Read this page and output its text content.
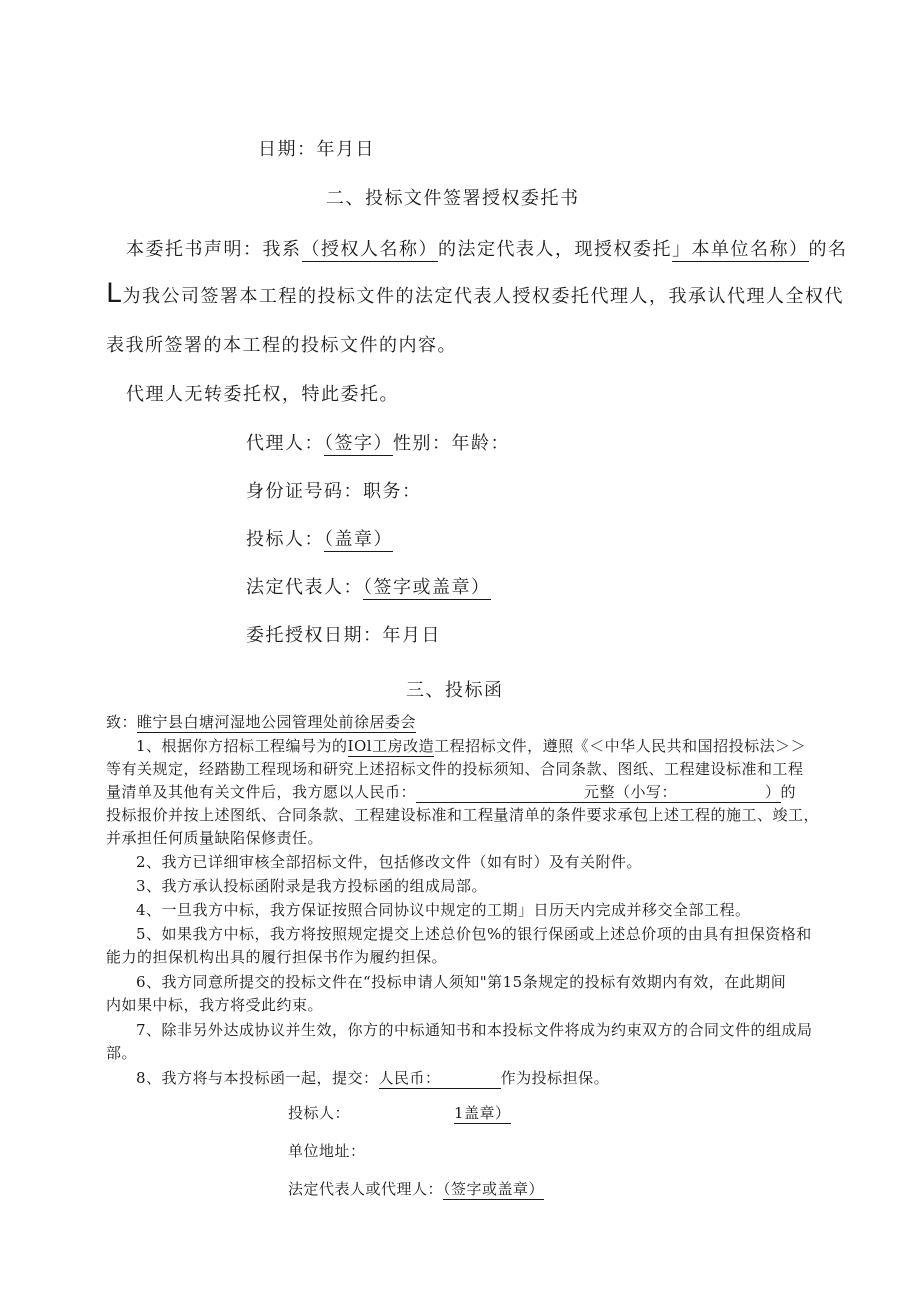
日期：年月日
二、投标文件签署授权委托书
本委托书声明：我系（授权人名称）的法定代表人，现授权委托」本单位名称）的名
L为我公司签署本工程的投标文件的法定代表人授权委托代理人，我承认代理人全权代
表我所签署的本工程的投标文件的内容。
代理人无转委托权，特此委托。
代理人：（签字）性别：年龄：
身份证号码：职务：
投标人：（盖章）
法定代表人：（签字或盖章）
委托授权日期：年月日
三、投标函
致：睢宁县白塘河湿地公园管理处前徐居委会
1、根据你方招标工程编号为的IOl工房改造工程招标文件，遵照《＜中华人民共和国招投标法＞＞
等有关规定，经踏勘工程现场和研究上述招标文件的投标须知、合同条款、图纸、工程建设标准和工程
量清单及其他有关文件后，我方愿以人民币：	元整（小写：	）的
投标报价并按上述图纸、合同条款、工程建设标准和工程量清单的条件要求承包上述工程的施工、竣工，
并承担任何质量缺陷保修责任。
2、我方已详细审核全部招标文件，包括修改文件（如有时）及有关附件。
3、我方承认投标函附录是我方投标函的组成局部。
4、一旦我方中标，我方保证按照合同协议中规定的工期」日历天内完成并移交全部工程。
5、如果我方中标，我方将按照规定提交上述总价包%的银行保函或上述总价项的由具有担保资格和
能力的担保机构出具的履行担保书作为履约担保。
6、我方同意所提交的投标文件在“投标申请人须知"第15条规定的投标有效期内有效，在此期间
内如果中标，我方将受此约束。
7、除非另外达成协议并生效，你方的中标通知书和本投标文件将成为约束双方的合同文件的组成局
部。
8、我方将与本投标函一起，提交：人民币：	作为投标担保。
投标人：	1盖章）
单位地址：
法定代表人或代理人：（签字或盖章）
